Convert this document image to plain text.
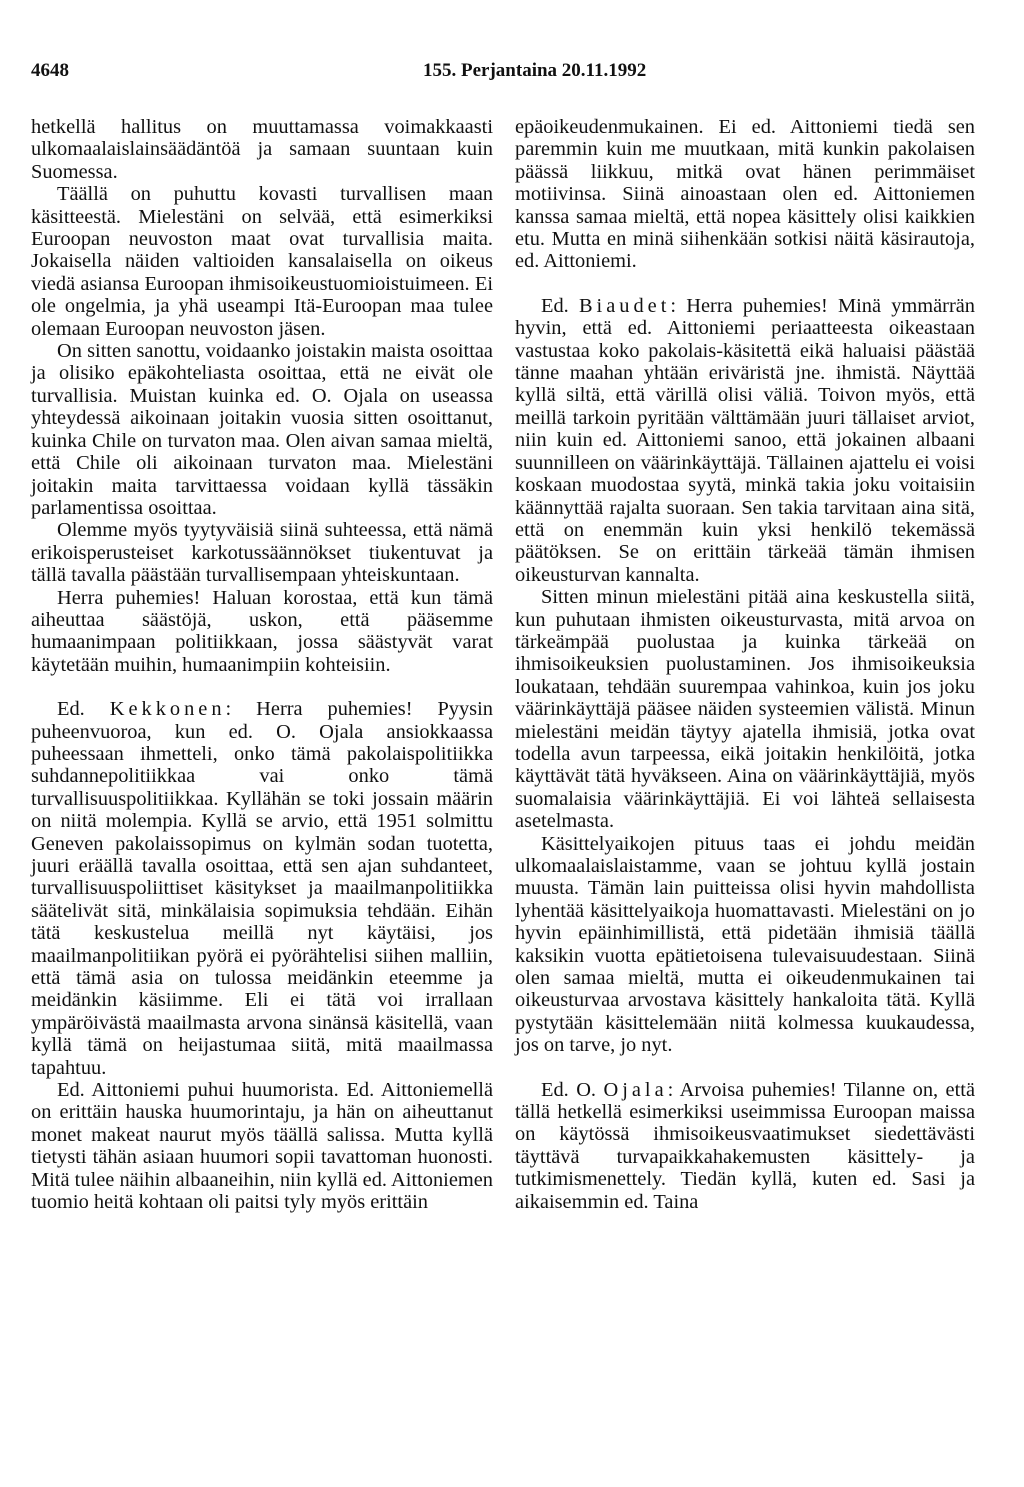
4648	155. Perjantaina 20.11.1992

hetkellä hallitus on muuttamassa voimakkaasti ulkomaalaislainsäädäntöä ja samaan suuntaan kuin Suomessa.

Täällä on puhuttu kovasti turvallisen maan käsitteestä. Mielestäni on selvää, että esimerkiksi Euroopan neuvoston maat ovat turvallisia maita. Jokaisella näiden valtioiden kansalaisella on oikeus viedä asiansa Euroopan ihmisoikeustuomioistuimeen. Ei ole ongelmia, ja yhä useampi Itä-Euroopan maa tulee olemaan Euroopan neuvoston jäsen.

On sitten sanottu, voidaanko joistakin maista osoittaa ja olisiko epäkohteliasta osoittaa, että ne eivät ole turvallisia. Muistan kuinka ed. O. Ojala on useassa yhteydessä aikoinaan joitakin vuosia sitten osoittanut, kuinka Chile on turvaton maa. Olen aivan samaa mieltä, että Chile oli aikoinaan turvaton maa. Mielestäni joitakin maita tarvittaessa voidaan kyllä tässäkin parlamentissa osoittaa.

Olemme myös tyytyväisiä siinä suhteessa, että nämä erikoisperusteiset karkotussäännökset tiukentuvat ja tällä tavalla päästään turvallisempaan yhteiskuntaan.

Herra puhemies! Haluan korostaa, että kun tämä aiheuttaa säästöjä, uskon, että pääsemme humaanimpaan politiikkaan, jossa säästyvät varat käytetään muihin, humaanimpiin kohteisiin.

Ed. Kekkonen: Herra puhemies! Pyysin puheenvuoroa, kun ed. O. Ojala ansiokkaassa puheessaan ihmetteli, onko tämä pakolaispolitiikka suhdannepolitiikkaa vai onko tämä turvallisuuspolitiikkaa. Kyllähän se toki jossain määrin on niitä molempia. Kyllä se arvio, että 1951 solmittu Geneven pakolaissopimus on kylmän sodan tuotetta, juuri eräällä tavalla osoittaa, että sen ajan suhdanteet, turvallisuuspoliittiset käsitykset ja maailmanpolitiikka säätelivät sitä, minkälaisia sopimuksia tehdään. Eihän tätä keskustelua meillä nyt käytäisi, jos maailmanpolitiikan pyörä ei pyörähtelisi siihen malliin, että tämä asia on tulossa meidänkin eteemme ja meidänkin käsiimme. Eli ei tätä voi irrallaan ympäröivästä maailmasta arvona sinänsä käsitellä, vaan kyllä tämä on heijastumaa siitä, mitä maailmassa tapahtuu.

Ed. Aittoniemi puhui huumorista. Ed. Aittoniemellä on erittäin hauska huumorintaju, ja hän on aiheuttanut monet makeat naurut myös täällä salissa. Mutta kyllä tietysti tähän asiaan huumori sopii tavattoman huonosti. Mitä tulee näihin albaaneihin, niin kyllä ed. Aittoniemen tuomio heitä kohtaan oli paitsi tyly myös erittäin

epäoikeudenmukainen. Ei ed. Aittoniemi tiedä sen paremmin kuin me muutkaan, mitä kunkin pakolaisen päässä liikkuu, mitkä ovat hänen perimmäiset motiivinsa. Siinä ainoastaan olen ed. Aittoniemen kanssa samaa mieltä, että nopea käsittely olisi kaikkien etu. Mutta en minä siihenkään sotkisi näitä käsirautoja, ed. Aittoniemi.

Ed. Biaudet: Herra puhemies! Minä ymmärrän hyvin, että ed. Aittoniemi periaatteesta oikeastaan vastustaa koko pakolais-käsitettä eikä haluaisi päästää tänne maahan yhtään eriväristä jne. ihmistä. Näyttää kyllä siltä, että värillä olisi väliä. Toivon myös, että meillä tarkoin pyritään välttämään juuri tällaiset arviot, niin kuin ed. Aittoniemi sanoo, että jokainen albaani suunnilleen on väärinkäyttäjä. Tällainen ajattelu ei voisi koskaan muodostaa syytä, minkä takia joku voitaisiin käännyttää rajalta suoraan. Sen takia tarvitaan aina sitä, että on enemmän kuin yksi henkilö tekemässä päätöksen. Se on erittäin tärkeää tämän ihmisen oikeusturvan kannalta.

Sitten minun mielestäni pitää aina keskustella siitä, kun puhutaan ihmisten oikeusturvasta, mitä arvoa on tärkeämpää puolustaa ja kuinka tärkeää on ihmisoikeuksien puolustaminen. Jos ihmisoikeuksia loukataan, tehdään suurempaa vahinkoa, kuin jos joku väärinkäyttäjä pääsee näiden systeemien välistä. Minun mielestäni meidän täytyy ajatella ihmisiä, jotka ovat todella avun tarpeessa, eikä joitakin henkilöitä, jotka käyttävät tätä hyväkseen. Aina on väärinkäyttäjiä, myös suomalaisia väärinkäyttäjiä. Ei voi lähteä sellaisesta asetelmasta.

Käsittelyaikojen pituus taas ei johdu meidän ulkomaalaislaistamme, vaan se johtuu kyllä jostain muusta. Tämän lain puitteissa olisi hyvin mahdollista lyhentää käsittelyaikoja huomattavasti. Mielestäni on jo hyvin epäinhimillistä, että pidetään ihmisiä täällä kaksikin vuotta epätietoisena tulevaisuudestaan. Siinä olen samaa mieltä, mutta ei oikeudenmukainen tai oikeusturvaa arvostava käsittely hankaloita tätä. Kyllä pystytään käsittelemään niitä kolmessa kuukaudessa, jos on tarve, jo nyt.

Ed. O. Ojala: Arvoisa puhemies! Tilanne on, että tällä hetkellä esimerkiksi useimmissa Euroopan maissa on käytössä ihmisoikeusvaatimukset siedettävästi täyttävä turvapaikkahakemusten käsittely- ja tutkimismenettely. Tiedän kyllä, kuten ed. Sasi ja aikaisemmin ed. Taina
